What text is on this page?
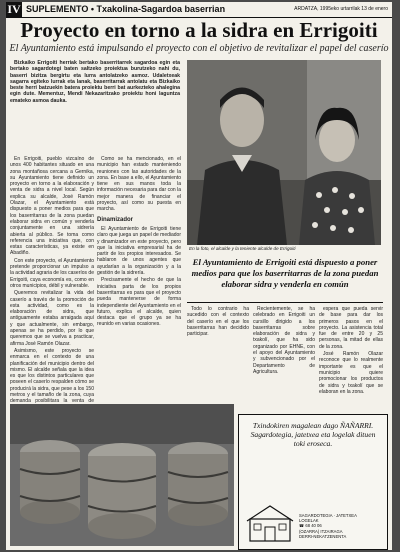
IV SUPLEMENTO • Txakolina-Sagardoa baserrian	ARDATZA, 1995eko urtarrilak 13 de enero
Proyecto en torno a la sidra en Errigoiti
El Ayuntamiento está impulsando el proyecto con el objetivo de revitalizar el papel del caserío

Bizkaiko Errigoiti herriak bertako baserritarrek sagardoa egin eta bertako sagardotegi baten saltzeko proiektua burutzeko nahi du, baserri bizitza bergirtu eta lurra antolatzeko asmoz. Udaletxeak sagarra egiteko lurrak eta lanak, baserritarrak antolatu eta Bizkaiko beste herri batzuekin batera proiektu berri bat aurkezteko ahalegina egin dute. Mementuz, Mendi Nekazaritzako proiektu honi laguntza emateko asmoa dauka.

En Errigoiti, pueblo vizcaíno de unos 400 habitantes situado en una zona montañosa cercana a Gernika, su Ayuntamiento tiene definido un proyecto en torno a la elaboración y venta de sidra a nivel local. Según explica su alcalde, José Ramón Olazar, el Ayuntamiento está dispuesto a poner medios para que los baserritarras de la zona puedan elaborar sidra en común y venderla conjuntamente en una sidrería abierta al público. Se toma como referencia una iniciativa que, con estas características, ya existe en Abadiño.

Con este proyecto, el Ayuntamiento pretende proporcionar un impulso a la actividad agraria de los caseríos de Errigoiti, cuya economía es, como en otros municipios, débil y vulnerable.

Queremos revitalizar la vida del caserío a través de la promoción de esta actividad, como es la elaboración de sidra, que antiguamente estaba arraigada aquí y que actualmente, sin embargo, apenas se ha perdido, por lo que queremos que se vuelva a practicar, afirma José Ramón Olazar.

Asimismo, este proyecto se enmarca en el contexto de una planificación del municipio dentro del mismo. El alcalde señala que la idea es que los distintos particulares que poseen el caserío respalden cómo se producirá la sidra, que pese a los 150 metros y el tamaño de la zona, cuya demanda posibilitara la venta de

Como se ha mencionado, en el municipio han estado manteniendo reuniones con las autoridades de la zona. En base a ello, el Ayuntamiento tiene en sus manos toda la información necesaria para dar con la mejor manera de financiar el proyecto, así como su puesta en marcha.

Dinamizador

El Ayuntamiento de Errigoiti tiene claro que juega un papel de mediador y dinamizador en este proyecto, pero que la iniciativa empresarial ha de partir de los propios interesados. Se hablaron de unos agentes que ayudarían a la organización y a la gestión de la sidrería.

Precisamente el hecho de que la iniciativa parta de los propios baserritarras es para que el proyecto pueda mantenerse de forma independiente del Ayuntamiento en el futuro, explica el alcalde, quien destaca que el grupo ya se ha reunido en varias ocasiones.

En la foto, el alcalde y la teniente alcalde de Errigoiti
El Ayuntamiento de Errigoiti está dispuesto a poner medios para que los baserritarras de la zona puedan elaborar sidra y venderla en común

Todo lo contrario ha sucedido con el contexto del caserío en el que los baserritarras han decidido participar.

Recientemente, se ha celebrado en Errigoiti un cursillo dirigido a los baserritarras sobre elaboración de sidra y txakolí, que ha sido organizado por EHNE, con el apoyo del Ayuntamiento y subvencionado por el Departamento de Agricultura.

espera que pueda servir de base para dar los primeros pasos en el proyecto. La asistencia total fue de entre 20 y 25 personas, la mitad de ellas de la zona.

José Ramón Olazar reconoce que lo realmente importante es que el municipio quiere promocionar los productos de sidra y txakolí que se elaboran en la zona.

Txindokiren magalean dago ÑAÑARRI. Sagardotegia, jatetxea eta logelak dituen toki eroseca.
SAGARDOTEGIA · JATETXEA
LOGELAK
☎ 68 40 06
(OZARRA) ITZAIRAGA
DERRI-NEKATZENENTA
